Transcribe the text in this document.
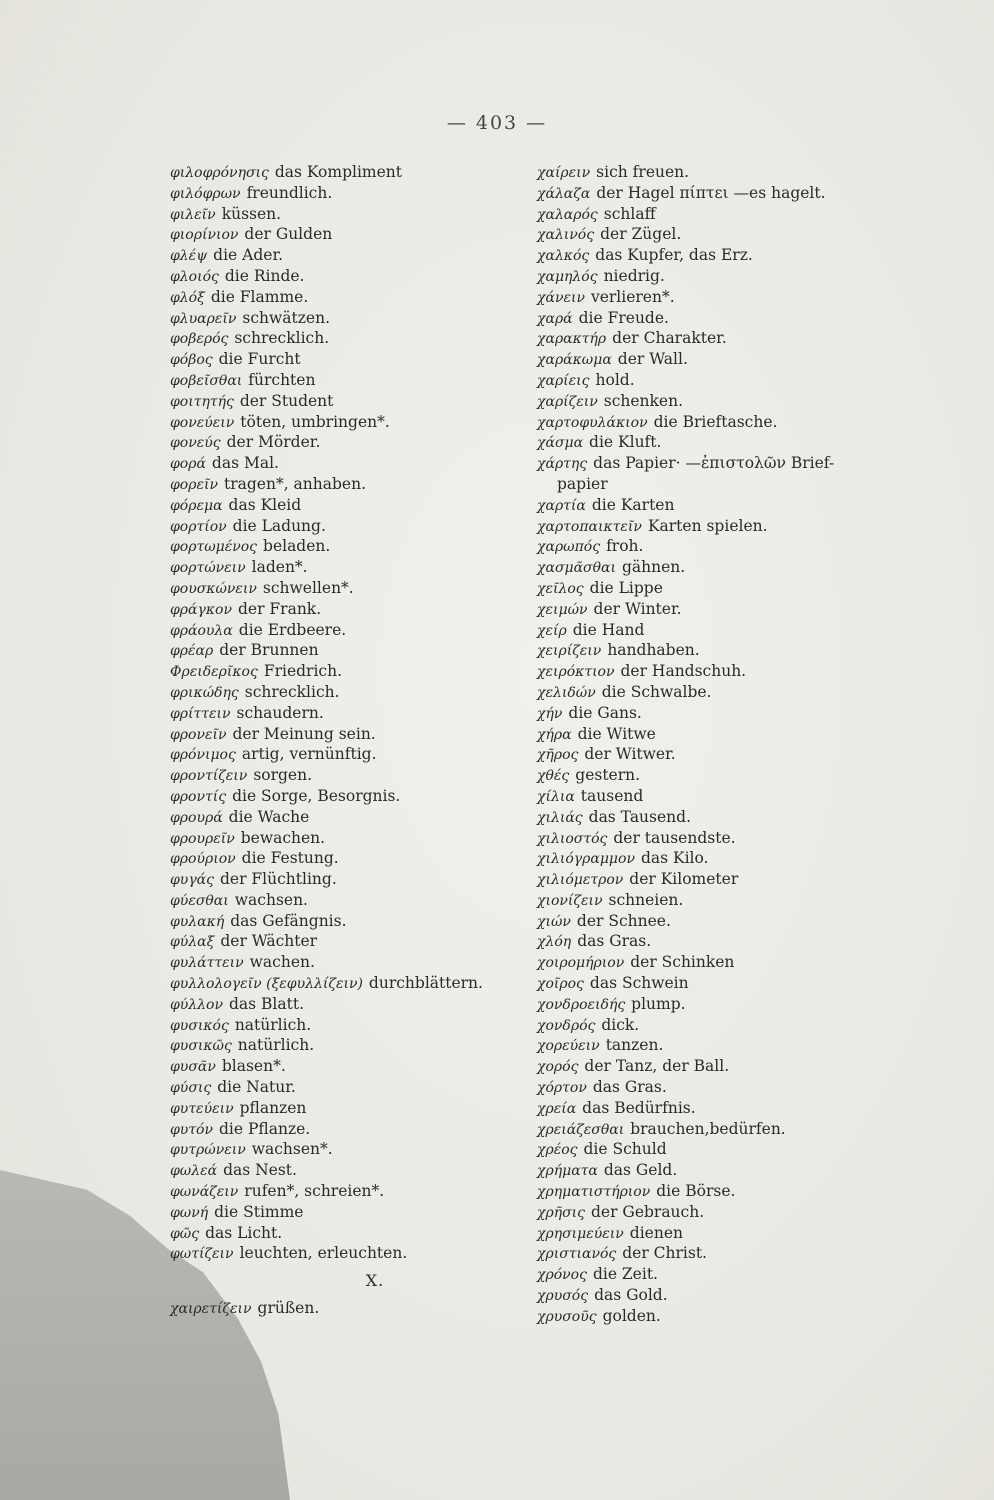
— 403 —
φιλοφρόνησις das Kompliment
φιλόφρων freundlich.
φιλεῖν küssen.
φιορίνιον der Gulden
φλέψ die Ader.
φλοιός die Rinde.
φλόξ die Flamme.
φλυαρεῖν schwätzen.
φοβερός schrecklich.
φόβος die Furcht
φοβεῖσθαι fürchten
φοιτητής der Student
φονεύειν töten, umbringen*.
φονεύς der Mörder.
φορά das Mal.
φορεῖν tragen*, anhaben.
φόρεμα das Kleid
φορτίον die Ladung.
φορτωμένος beladen.
φορτώνειν laden*.
φουσκώνειν schwellen*.
φράγκον der Frank.
φράουλα die Erdbeere.
φρέαρ der Brunnen
Φρειδερῖκος Friedrich.
φρικώδης schrecklich.
φρίττειν schaudern.
φρονεῖν der Meinung sein.
φρόνιμος artig, vernünftig.
φροντίζειν sorgen.
φροντίς die Sorge, Besorgnis.
φρουρά die Wache
φρουρεῖν bewachen.
φρούριον die Festung.
φυγάς der Flüchtling.
φύεσθαι wachsen.
φυλακή das Gefängnis.
φύλαξ der Wächter
φυλάττειν wachen.
φυλλολογεῖν (ξεφυλλίζειν) durchblättern.
φύλλον das Blatt.
φυσικός natürlich.
φυσικῶς natürlich.
φυσᾶν blasen*.
φύσις die Natur.
φυτεύειν pflanzen
φυτόν die Pflanze.
φυτρώνειν wachsen*.
φωλεά das Nest.
φωνάζειν rufen*, schreien*.
φωνή die Stimme
φῶς das Licht.
φωτίζειν leuchten, erleuchten.
X.
χαιρετίζειν grüßen.
χαίρειν sich freuen.
χάλαζα der Hagel πίπτει —es hagelt.
χαλαρός schlaff
χαλινός der Zügel.
χαλκός das Kupfer, das Erz.
χαμηλός niedrig.
χάνειν verlieren*.
χαρά die Freude.
χαρακτήρ der Charakter.
χαράκωμα der Wall.
χαρίεις hold.
χαρίζειν schenken.
χαρτοφυλάκιον die Brieftasche.
χάσμα die Kluft.
χάρτης das Papier· —ἐπιστολῶν Brief-
papier
χαρτία die Karten
χαρτοπαικτεῖν Karten spielen.
χαρωπός froh.
χασμᾶσθαι gähnen.
χεῖλος die Lippe
χειμών der Winter.
χείρ die Hand
χειρίζειν handhaben.
χειρόκτιον der Handschuh.
χελιδών die Schwalbe.
χήν die Gans.
χήρα die Witwe
χῆρος der Witwer.
χθές gestern.
χίλια tausend
χιλιάς das Tausend.
χιλιοστός der tausendste.
χιλιόγραμμον das Kilo.
χιλιόμετρον der Kilometer
χιονίζειν schneien.
χιών der Schnee.
χλόη das Gras.
χοιρομήριον der Schinken
χοῖρος das Schwein
χονδροειδής plump.
χονδρός dick.
χορεύειν tanzen.
χορός der Tanz, der Ball.
χόρτον das Gras.
χρεία das Bedürfnis.
χρειάζεσθαι brauchen,bedürfen.
χρέος die Schuld
χρήματα das Geld.
χρηματιστήριον die Börse.
χρῆσις der Gebrauch.
χρησιμεύειν dienen
χριστιανός der Christ.
χρόνος die Zeit.
χρυσός das Gold.
χρυσοῦς golden.
